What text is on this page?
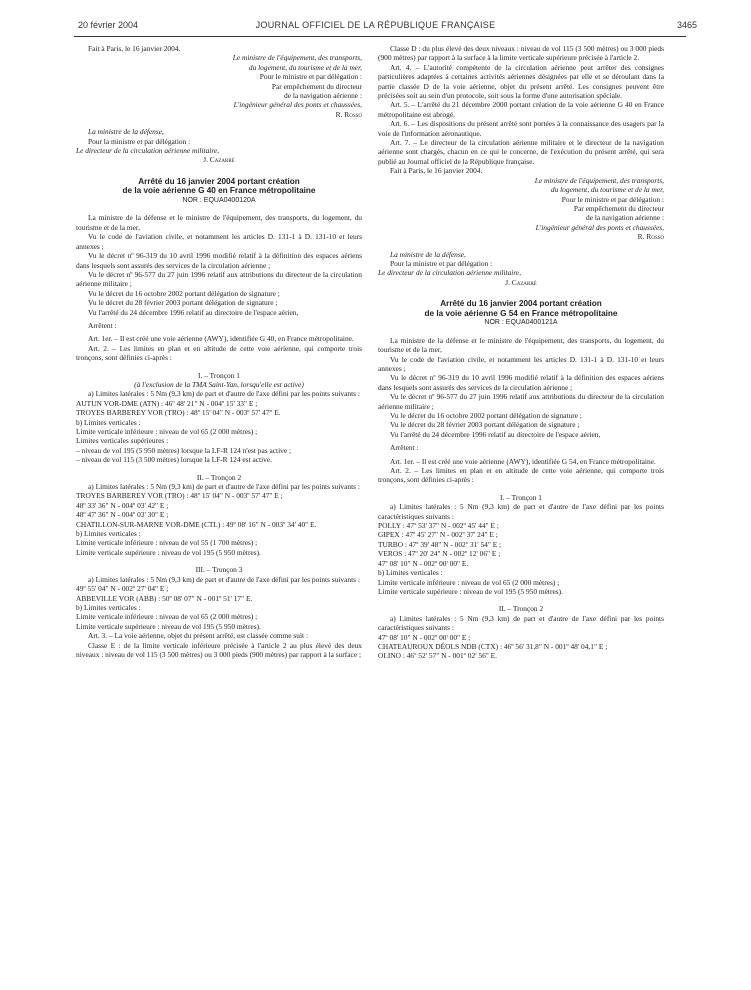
20 février 2004	JOURNAL OFFICIEL DE LA RÉPUBLIQUE FRANÇAISE	3465
Fait à Paris, le 16 janvier 2004.
Le ministre de l'équipement, des transports,
du logement, du tourisme et de la mer,
Pour le ministre et par délégation :
Par empêchement du directeur
de la navigation aérienne :
L'ingénieur général des ponts et chaussées,
R. Rosso
La ministre de la défense,
Pour la ministre et par délégation :
Le directeur de la circulation aérienne militaire,
J. Cazarré
Arrêté du 16 janvier 2004 portant création
de la voie aérienne G 40 en France métropolitaine
NOR : EQUA0400120A
La ministre de la défense et le ministre de l'équipement, des transports, du logement, du tourisme et de la mer,
Vu le code de l'aviation civile, et notamment les articles D. 131-1 à D. 131-10 et leurs annexes ;
Vu le décret nº 96-319 du 10 avril 1996 modifié relatif à la définition des espaces aériens dans lesquels sont assurés des services de la circulation aérienne ;
Vu le décret nº 96-577 du 27 juin 1996 relatif aux attributions du directeur de la circulation aérienne militaire ;
Vu le décret du 16 octobre 2002 portant délégation de signature ;
Vu le décret du 28 février 2003 portant délégation de signature ;
Vu l'arrêté du 24 décembre 1996 relatif au directoire de l'espace aérien,
Arrêtent :
Art. 1er. – Il est créé une voie aérienne (AWY), identifiée G 40, en France métropolitaine.
Art. 2. – Les limites en plan et en altitude de cette voie aérienne, qui comporte trois tronçons, sont définies ci-après :
I. – Tronçon 1
(à l'exclusion de la TMA Saint-Yan, lorsqu'elle est active)
a) Limites latérales : 5 Nm (9,3 km) de part et d'autre de l'axe défini par les points suivants :
AUTUN VOR-DME (ATN) : 46º 48' 21" N - 004º 15' 33" E ;
TROYES BARBEREY VOR (TRO) : 48º 15' 04" N - 003º 57' 47" E.
b) Limites verticales :
Limite verticale inférieure : niveau de vol 65 (2 000 mètres) ;
Limites verticales supérieures :
– niveau de vol 195 (5 950 mètres) lorsque la LF-R 124 n'est pas active ;
– niveau de vol 115 (3 500 mètres) lorsque la LF-R 124 est active.
II. – Tronçon 2
a) Limites latérales : 5 Nm (9,3 km) de part et d'autre de l'axe défini par les points suivants :
TROYES BARBEREY VOR (TRO) : 48º 15' 04" N - 003º 57' 47" E ;
48º 33' 36" N - 004º 03' 42" E ;
48º 47' 36" N - 004º 03' 30" E ;
CHATILLON-SUR-MARNE VOR-DME (CTL) : 49º 08' 16" N - 003º 34' 40" E.
b) Limites verticales :
Limite verticale inférieure : niveau de vol 55 (1 700 mètres) ;
Limite verticale supérieure : niveau de vol 195 (5 950 mètres).
III. – Tronçon 3
a) Limites latérales : 5 Nm (9,3 km) de part et d'autre de l'axe défini par les points suivants :
49º 55' 04" N - 002º 27' 04" E ;
ABBEVILLE VOR (ABB) : 50º 08' 07" N - 001º 51' 17" E.
b) Limites verticales :
Limite verticale inférieure : niveau de vol 65 (2 000 mètres) ;
Limite verticale supérieure : niveau de vol 195 (5 950 mètres).
Art. 3. – La voie aérienne, objet du présent arrêté, est classée comme suit :
Classe E : de la limite verticale inférieure précisée à l'article 2 au plus élevé des deux niveaux : niveau de vol 115 (3 500 mètres) ou 3 000 pieds (900 mètres) par rapport à la surface ;
Classe D : du plus élevé des deux niveaux : niveau de vol 115 (3 500 mètres) ou 3 000 pieds (900 mètres) par rapport à la surface à la limite verticale supérieure précisée à l'article 2.
Art. 4. – L'autorité compétente de la circulation aérienne peut arrêter des consignes particulières adaptées à certaines activités aériennes désignées par elle et se déroulant dans la partie classée D de la voie aérienne, objet du présent arrêté. Les consignes peuvent être précisées soit au sein d'un protocole, soit sous la forme d'une autorisation spéciale.
Art. 5. – L'arrêté du 21 décembre 2000 portant création de la voie aérienne G 40 en France métropolitaine est abrogé.
Art. 6. – Les dispositions du présent arrêté sont portées à la connaissance des usagers par la voie de l'information aéronautique.
Art. 7. – Le directeur de la circulation aérienne militaire et le directeur de la navigation aérienne sont chargés, chacun en ce qui le concerne, de l'exécution du présent arrêté, qui sera publié au Journal officiel de la République française.
Fait à Paris, le 16 janvier 2004.
Le ministre de l'équipement, des transports,
du logement, du tourisme et de la mer,
Pour le ministre et par délégation :
Par empêchement du directeur
de la navigation aérienne :
L'ingénieur général des ponts et chaussées,
R. Rosso
La ministre de la défense,
Pour la ministre et par délégation :
Le directeur de la circulation aérienne militaire,
J. Cazarré
Arrêté du 16 janvier 2004 portant création
de la voie aérienne G 54 en France métropolitaine
NOR : EQUA0400121A
La ministre de la défense et le ministre de l'équipement, des transports, du logement, du tourisme et de la mer,
Vu le code de l'aviation civile, et notamment les articles D. 131-1 à D. 131-10 et leurs annexes ;
Vu le décret nº 96-319 du 10 avril 1996 modifié relatif à la définition des espaces aériens dans lesquels sont assurés des services de la circulation aérienne ;
Vu le décret nº 96-577 du 27 juin 1996 relatif aux attributions du directeur de la circulation aérienne militaire ;
Vu le décret du 16 octobre 2002 portant délégation de signature ;
Vu le décret du 28 février 2003 portant délégation de signature ;
Vu l'arrêté du 24 décembre 1996 relatif au directoire de l'espace aérien,
Arrêtent :
Art. 1er. – Il est créé une voie aérienne (AWY), identifiée G 54, en France métropolitaine.
Art. 2. – Les limites en plan et en altitude de cette voie aérienne, qui comporte trois tronçons, sont définies ci-après :
I. – Tronçon 1
a) Limites latérales : 5 Nm (9,3 km) de part et d'autre de l'axe défini par les points caractéristiques suivants :
POLLY : 47º 53' 37" N - 002º 45' 44" E ;
GIPEX : 47º 45' 27" N - 002º 37' 24" E ;
TURBO : 47º 39' 48" N - 002º 31' 54" E ;
VEROS : 47º 20' 24" N - 002º 12' 06" E ;
47º 08' 10" N - 002º 00' 00" E.
b) Limites verticales :
Limite verticale inférieure : niveau de vol 65 (2 000 mètres) ;
Limite verticale supérieure : niveau de vol 195 (5 950 mètres).
II. – Tronçon 2
a) Limites latérales : 5 Nm (9,3 km) de part et d'autre de l'axe défini par les points caractéristiques suivants :
47º 08' 10" N - 002º 00' 00" E ;
CHATEAUROUX DÉOLS NDB (CTX) : 46º 56' 31,8" N - 001º 48' 04,1" E ;
OLINO : 46º 52' 57" N - 001º 02' 56" E.
